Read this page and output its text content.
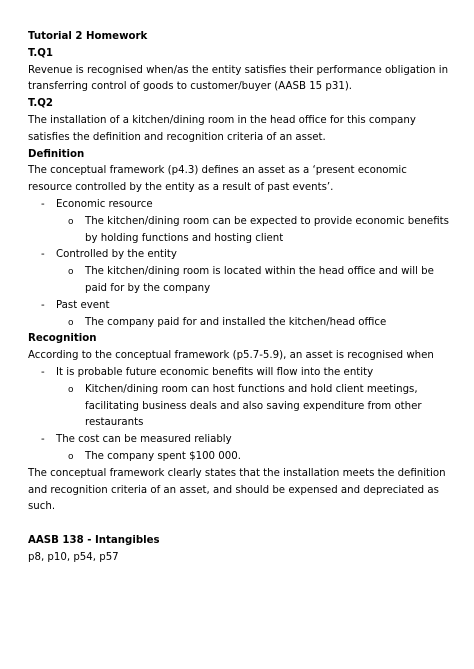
Tutorial 2 Homework

T.Q1

Revenue is recognised when/as the entity satisfies their performance obligation in transferring control of goods to customer/buyer (AASB 15 p31).

T.Q2

The installation of a kitchen/dining room in the head office for this company satisfies the definition and recognition criteria of an asset.

Definition

The conceptual framework (p4.3) defines an asset as a ‘present economic resource controlled by the entity as a result of past events’.

- Economic resource

o The kitchen/dining room can be expected to provide economic benefits by holding functions and hosting client

- Controlled by the entity

o The kitchen/dining room is located within the head office and will be paid for by the company

- Past event

o The company paid for and installed the kitchen/head office

Recognition

According to the conceptual framework (p5.7-5.9), an asset is recognised when

- It is probable future economic benefits will flow into the entity

o Kitchen/dining room can host functions and hold client meetings, facilitating business deals and also saving expenditure from other restaurants

- The cost can be measured reliably

o The company spent $100 000.

The conceptual framework clearly states that the installation meets the definition and recognition criteria of an asset, and should be expensed and depreciated as such.

AASB 138 - Intangibles

p8, p10, p54, p57
